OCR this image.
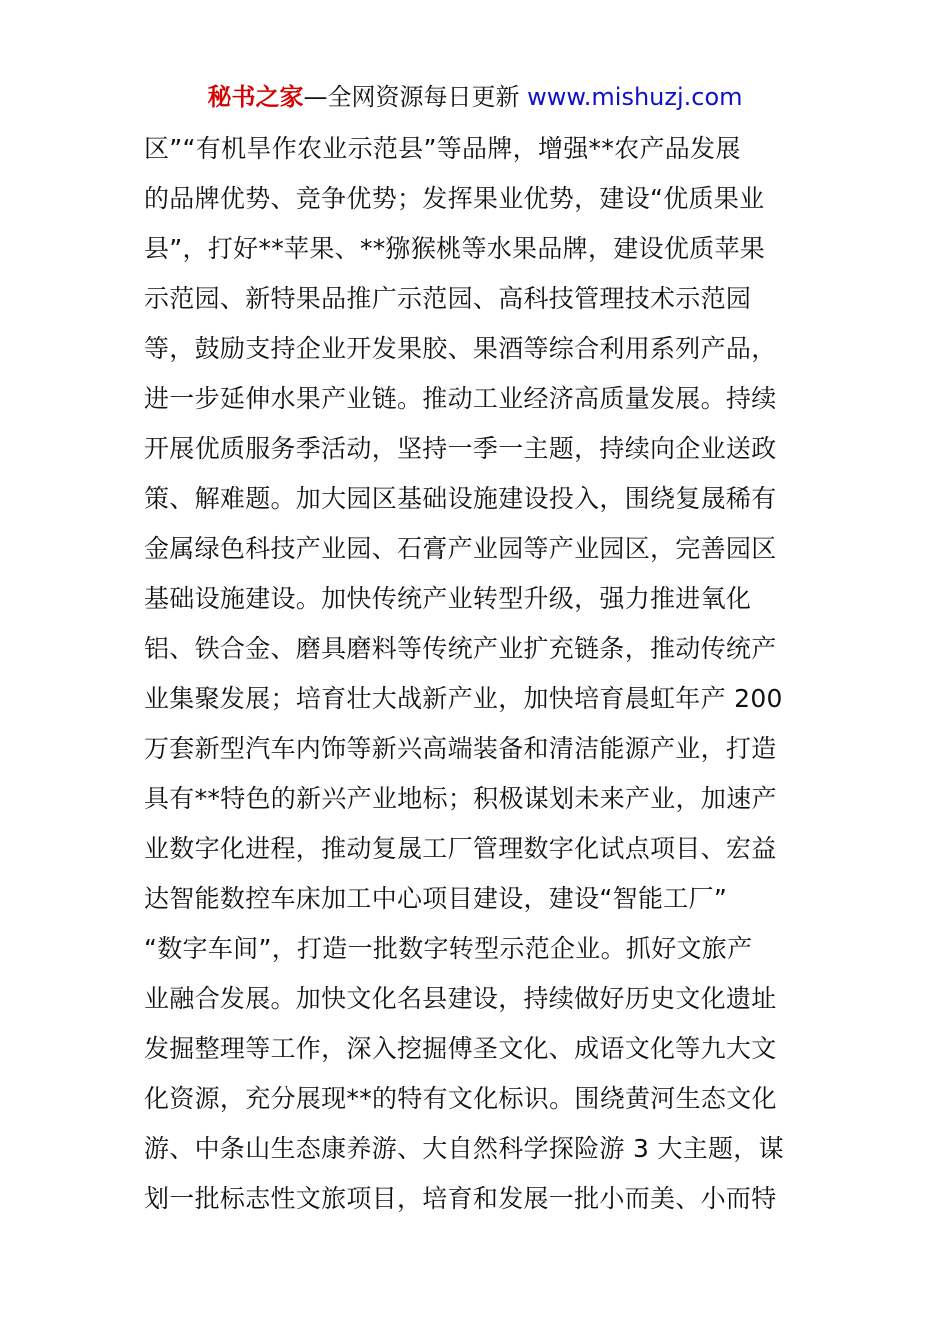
秘书之家—全网资源每日更新 www.mishuzj.com
区”“有机旱作农业示范县”等品牌，增强**农产品发展
的品牌优势、竞争优势；发挥果业优势，建设“优质果业
县”，打好**苹果、**猕猴桃等水果品牌，建设优质苹果
示范园、新特果品推广示范园、高科技管理技术示范园
等，鼓励支持企业开发果胶、果酒等综合利用系列产品，
进一步延伸水果产业链。推动工业经济高质量发展。持续
开展优质服务季活动，坚持一季一主题，持续向企业送政
策、解难题。加大园区基础设施建设投入，围绕复晟稀有
金属绿色科技产业园、石膏产业园等产业园区，完善园区
基础设施建设。加快传统产业转型升级，强力推进氧化
铝、铁合金、磨具磨料等传统产业扩充链条，推动传统产
业集聚发展；培育壮大战新产业，加快培育晨虹年产 200
万套新型汽车内饰等新兴高端装备和清洁能源产业，打造
具有**特色的新兴产业地标；积极谋划未来产业，加速产
业数字化进程，推动复晟工厂管理数字化试点项目、宏益
达智能数控车床加工中心项目建设，建设“智能工厂”
“数字车间”，打造一批数字转型示范企业。抓好文旅产
业融合发展。加快文化名县建设，持续做好历史文化遗址
发掘整理等工作，深入挖掘傅圣文化、成语文化等九大文
化资源，充分展现**的特有文化标识。围绕黄河生态文化
游、中条山生态康养游、大自然科学探险游 3 大主题，谋
划一批标志性文旅项目，培育和发展一批小而美、小而特
